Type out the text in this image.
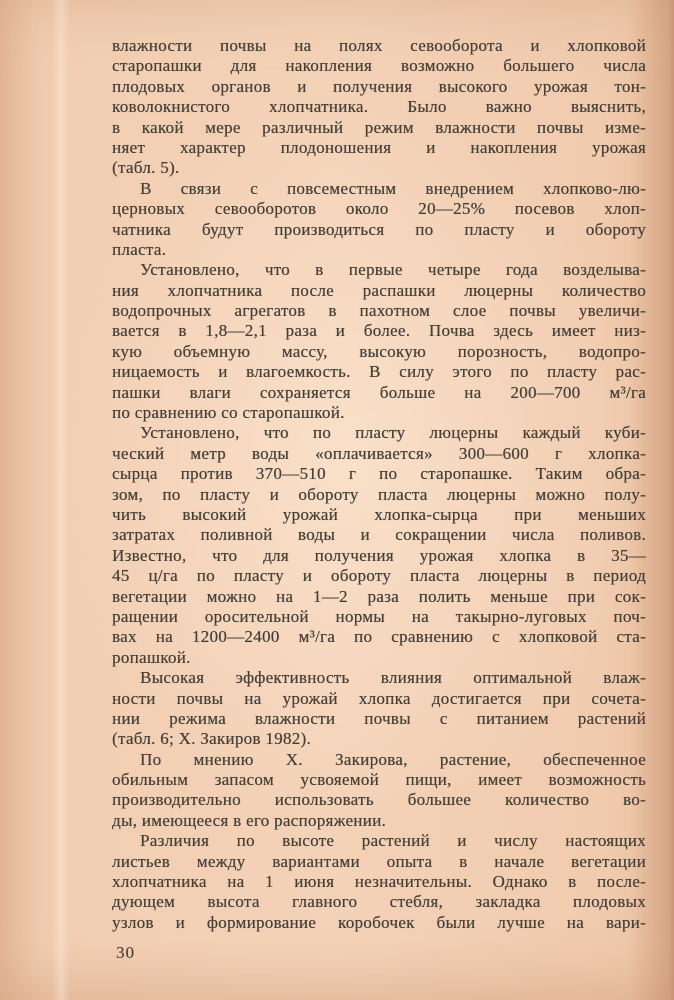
влажности почвы на полях севооборота и хлопковой
старопашки для накопления возможно большего числа
плодовых органов и получения высокого урожая тон-
коволокнистого хлопчатника. Было важно выяснить,
в какой мере различный режим влажности почвы изме-
няет характер плодоношения и накопления урожая
(табл. 5).
В связи с повсеместным внедрением хлопково-лю-
церновых севооборотов около 20—25% посевов хлоп-
чатника будут производиться по пласту и обороту
пласта.
Установлено, что в первые четыре года возделыва-
ния хлопчатника после распашки люцерны количество
водопрочных агрегатов в пахотном слое почвы увеличи-
вается в 1,8—2,1 раза и более. Почва здесь имеет низ-
кую объемную массу, высокую порозность, водопро-
ницаемость и влагоемкость. В силу этого по пласту рас-
пашки влаги сохраняется больше на 200—700 м³/га
по сравнению со старопашкой.
Установлено, что по пласту люцерны каждый куби-
ческий метр воды «оплачивается» 300—600 г хлопка-
сырца против 370—510 г по старопашке. Таким обра-
зом, по пласту и обороту пласта люцерны можно полу-
чить высокий урожай хлопка-сырца при меньших
затратах поливной воды и сокращении числа поливов.
Известно, что для получения урожая хлопка в 35—
45 ц/га по пласту и обороту пласта люцерны в период
вегетации можно на 1—2 раза полить меньше при сок-
ращении оросительной нормы на такырно-луговых поч-
вах на 1200—2400 м³/га по сравнению с хлопковой ста-
ропашкой.
Высокая эффективность влияния оптимальной влаж-
ности почвы на урожай хлопка достигается при сочета-
нии режима влажности почвы с питанием растений
(табл. 6; Х. Закиров 1982).
По мнению Х. Закирова, растение, обеспеченное
обильным запасом усвояемой пищи, имеет возможность
производительно использовать большее количество во-
ды, имеющееся в его распоряжении.
Различия по высоте растений и числу настоящих
листьев между вариантами опыта в начале вегетации
хлопчатника на 1 июня незначительны. Однако в после-
дующем высота главного стебля, закладка плодовых
узлов и формирование коробочек были лучше на вари-
30
